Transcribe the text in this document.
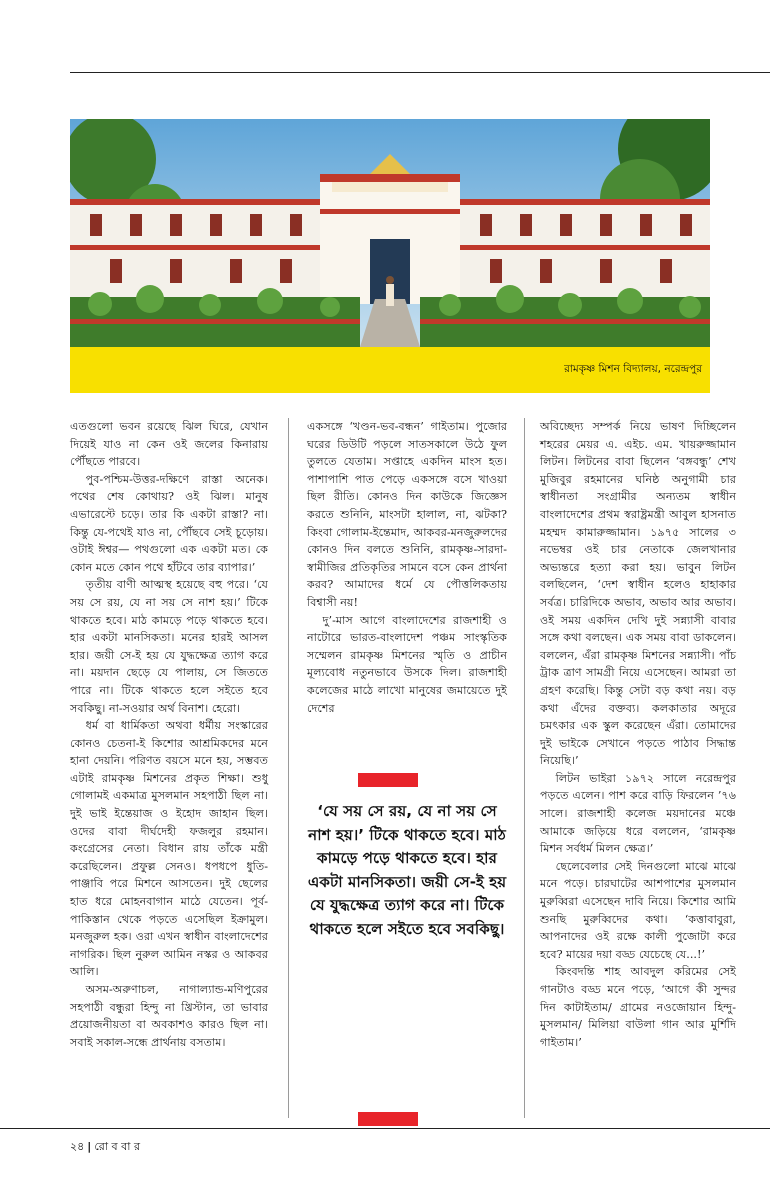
রামকৃষ্ণ মিশন বিদ্যালয়, নরেন্দ্রপুর

এতগুলো ভবন রয়েছে ঝিল ঘিরে, যেখান দিয়েই যাও না কেন ওই জলের কিনারায় পৌঁছতে পারবে।

পুব-পশ্চিম-উত্তর-দক্ষিণে রাস্তা অনেক। পথের শেষ কোথায়? ওই ঝিল। মানুষ এভারেস্টে চড়ে। তার কি একটা রাস্তা? না। কিন্তু যে-পথেই যাও না, পৌঁছবে সেই চূড়োয়। ওটাই ঈশ্বর— পথগুলো এক একটা মত। কে কোন মতে কোন পথে হাঁটবে তার ব্যাপার।’

তৃতীয় বাণী আত্মস্থ হয়েছে বহু পরে। ‘যে সয় সে রয়, যে না সয় সে নাশ হয়।’ টিকে থাকতে হবে। মাঠ কামড়ে পড়ে থাকতে হবে। হার একটা মানসিকতা। মনের হারই আসল হার। জয়ী সে-ই হয় যে যুদ্ধক্ষেত্র ত্যাগ করে না। ময়দান ছেড়ে যে পালায়, সে জিততে পারে না। টিকে থাকতে হলে সইতে হবে সবকিছু। না-সওয়ার অর্থ বিনাশ। হেরো।

ধর্ম বা ধার্মিকতা অথবা ধর্মীয় সংস্কারের কোনও চেতনা-ই কিশোর আশ্রমিকদের মনে হানা দেয়নি। পরিণত বয়সে মনে হয়, সম্ভবত এটাই রামকৃষ্ণ মিশনের প্রকৃত শিক্ষা। শুধু গোলামই একমাত্র মুসলমান সহপাঠী ছিল না। দুই ভাই ইম্তেয়াজ ও ইহোদ জাহান ছিল। ওদের বাবা দীর্ঘদেহী ফজলুর রহমান। কংগ্রেসের নেতা। বিধান রায় তাঁকে মন্ত্রী করেছিলেন। প্রফুল্ল সেনও। ধপধপে ধুতি-পাঞ্জাবি পরে মিশনে আসতেন। দুই ছেলের হাত ধরে মোহনবাগান মাঠে যেতেন। পূর্ব-পাকিস্তান থেকে পড়তে এসেছিল ইক্রামুল। মনজুরুল হক। ওরা এখন স্বাধীন বাংলাদেশের নাগরিক। ছিল নুরুল আমিন নস্কর ও আকবর আলি।

অসম-অরুণাচল, নাগাল্যান্ড-মণিপুরের সহপাঠী বন্ধুরা হিন্দু না খ্রিস্টান, তা ভাবার প্রয়োজনীয়তা বা অবকাশও কারও ছিল না। সবাই সকাল-সন্ধে প্রার্থনায় বসতাম।

একসঙ্গে ‘খণ্ডন-ভব-বন্ধন’ গাইতাম। পুজোর ঘরের ডিউটি পড়লে সাতসকালে উঠে ফুল তুলতে যেতাম। সপ্তাহে একদিন মাংস হত। পাশাপাশি পাত পেড়ে একসঙ্গে বসে খাওয়া ছিল রীতি। কোনও দিন কাউকে জিজ্ঞেস করতে শুনিনি, মাংসটা হালাল, না, ঝটকা? কিংবা গোলাম-ইন্তেমাদ, আকবর-মনজুরুলদের কোনও দিন বলতে শুনিনি, রামকৃষ্ণ-সারদা-স্বামীজির প্রতিকৃতির সামনে বসে কেন প্রার্থনা করব? আমাদের ধর্মে যে পৌত্তলিকতায় বিশ্বাসী নয়!

দু’-মাস আগে বাংলাদেশের রাজশাহী ও নাটোরে ভারত-বাংলাদেশ পঞ্চম সাংস্কৃতিক সম্মেলন রামকৃষ্ণ মিশনের স্মৃতি ও প্রাচীন মূল্যবোধ নতুনভাবে উসকে দিল। রাজশাহী কলেজের মাঠে লাখো মানুষের জমায়েতে দুই দেশের

‘যে সয় সে রয়, যে না সয় সে নাশ হয়।’ টিকে থাকতে হবে। মাঠ কামড়ে পড়ে থাকতে হবে। হার একটা মানসিকতা। জয়ী সে-ই হয় যে যুদ্ধক্ষেত্র ত্যাগ করে না। টিকে থাকতে হলে সইতে হবে সবকিছু।

অবিচ্ছেদ্য সম্পর্ক নিয়ে ভাষণ দিচ্ছিলেন শহরের মেয়র এ. এইচ. এম. খায়রুজ্জামান লিটন। লিটনের বাবা ছিলেন ‘বঙ্গবন্ধু’ শেখ মুজিবুর রহমানের ঘনিষ্ঠ অনুগামী চার স্বাধীনতা সংগ্রামীর অন্যতম স্বাধীন বাংলাদেশের প্রথম স্বরাষ্ট্রমন্ত্রী আবুল হাসনাত মহম্মদ কামারুজ্জামান। ১৯৭৫ সালের ৩ নভেম্বর ওই চার নেতাকে জেলখানার অভ্যন্তরে হত্যা করা হয়। ভাবুন লিটন বলছিলেন, ‘দেশ স্বাধীন হলেও হাহাকার সর্বত্র। চারিদিকে অভাব, অভাব আর অভাব। ওই সময় একদিন দেখি দুই সন্ন্যাসী বাবার সঙ্গে কথা বলছেন। এক সময় বাবা ডাকলেন। বললেন, এঁরা রামকৃষ্ণ মিশনের সন্ন্যাসী। পাঁচ ট্রাক ত্রাণ সামগ্রী নিয়ে এসেছেন। আমরা তা গ্রহণ করেছি। কিন্তু সেটা বড় কথা নয়। বড় কথা এঁদের বক্তব্য। কলকাতার অদূরে চমৎকার এক স্কুল করেছেন এঁরা। তোমাদের দুই ভাইকে সেখানে পড়তে পাঠাব সিদ্ধান্ত নিয়েছি।’

লিটন ভাইরা ১৯৭২ সালে নরেন্দ্রপুর পড়তে এলেন। পাশ করে বাড়ি ফিরলেন ’৭৬ সালে। রাজশাহী কলেজ ময়দানের মঞ্চে আমাকে জড়িয়ে ধরে বললেন, ‘রামকৃষ্ণ মিশন সর্বধর্ম মিলন ক্ষেত্র।’

ছেলেবেলার সেই দিনগুলো মাঝে মাঝে মনে পড়ে। চারঘাটের আশপাশের মুসলমান মুরুব্বিরা এসেছেন দাবি নিয়ে। কিশোর আমি শুনছি মুরুব্বিদের কথা। ‘কত্তাবাবুরা, আপনাদের ওই রক্ষে কালী পুজোটা করে হবে? মায়ের দয়া বড্ড যেচেছে যে...!’

কিংবদন্তি শাহ আবদুল করিমের সেই গানটাও বড্ড মনে পড়ে, ‘আগে কী সুন্দর দিন কাটাইতাম/ গ্রামের নওজোয়ান হিন্দু-মুসলমান/ মিলিয়া বাউলা গান আর মুর্শিদি গাইতাম।’

২৪ | রো ব বা র
